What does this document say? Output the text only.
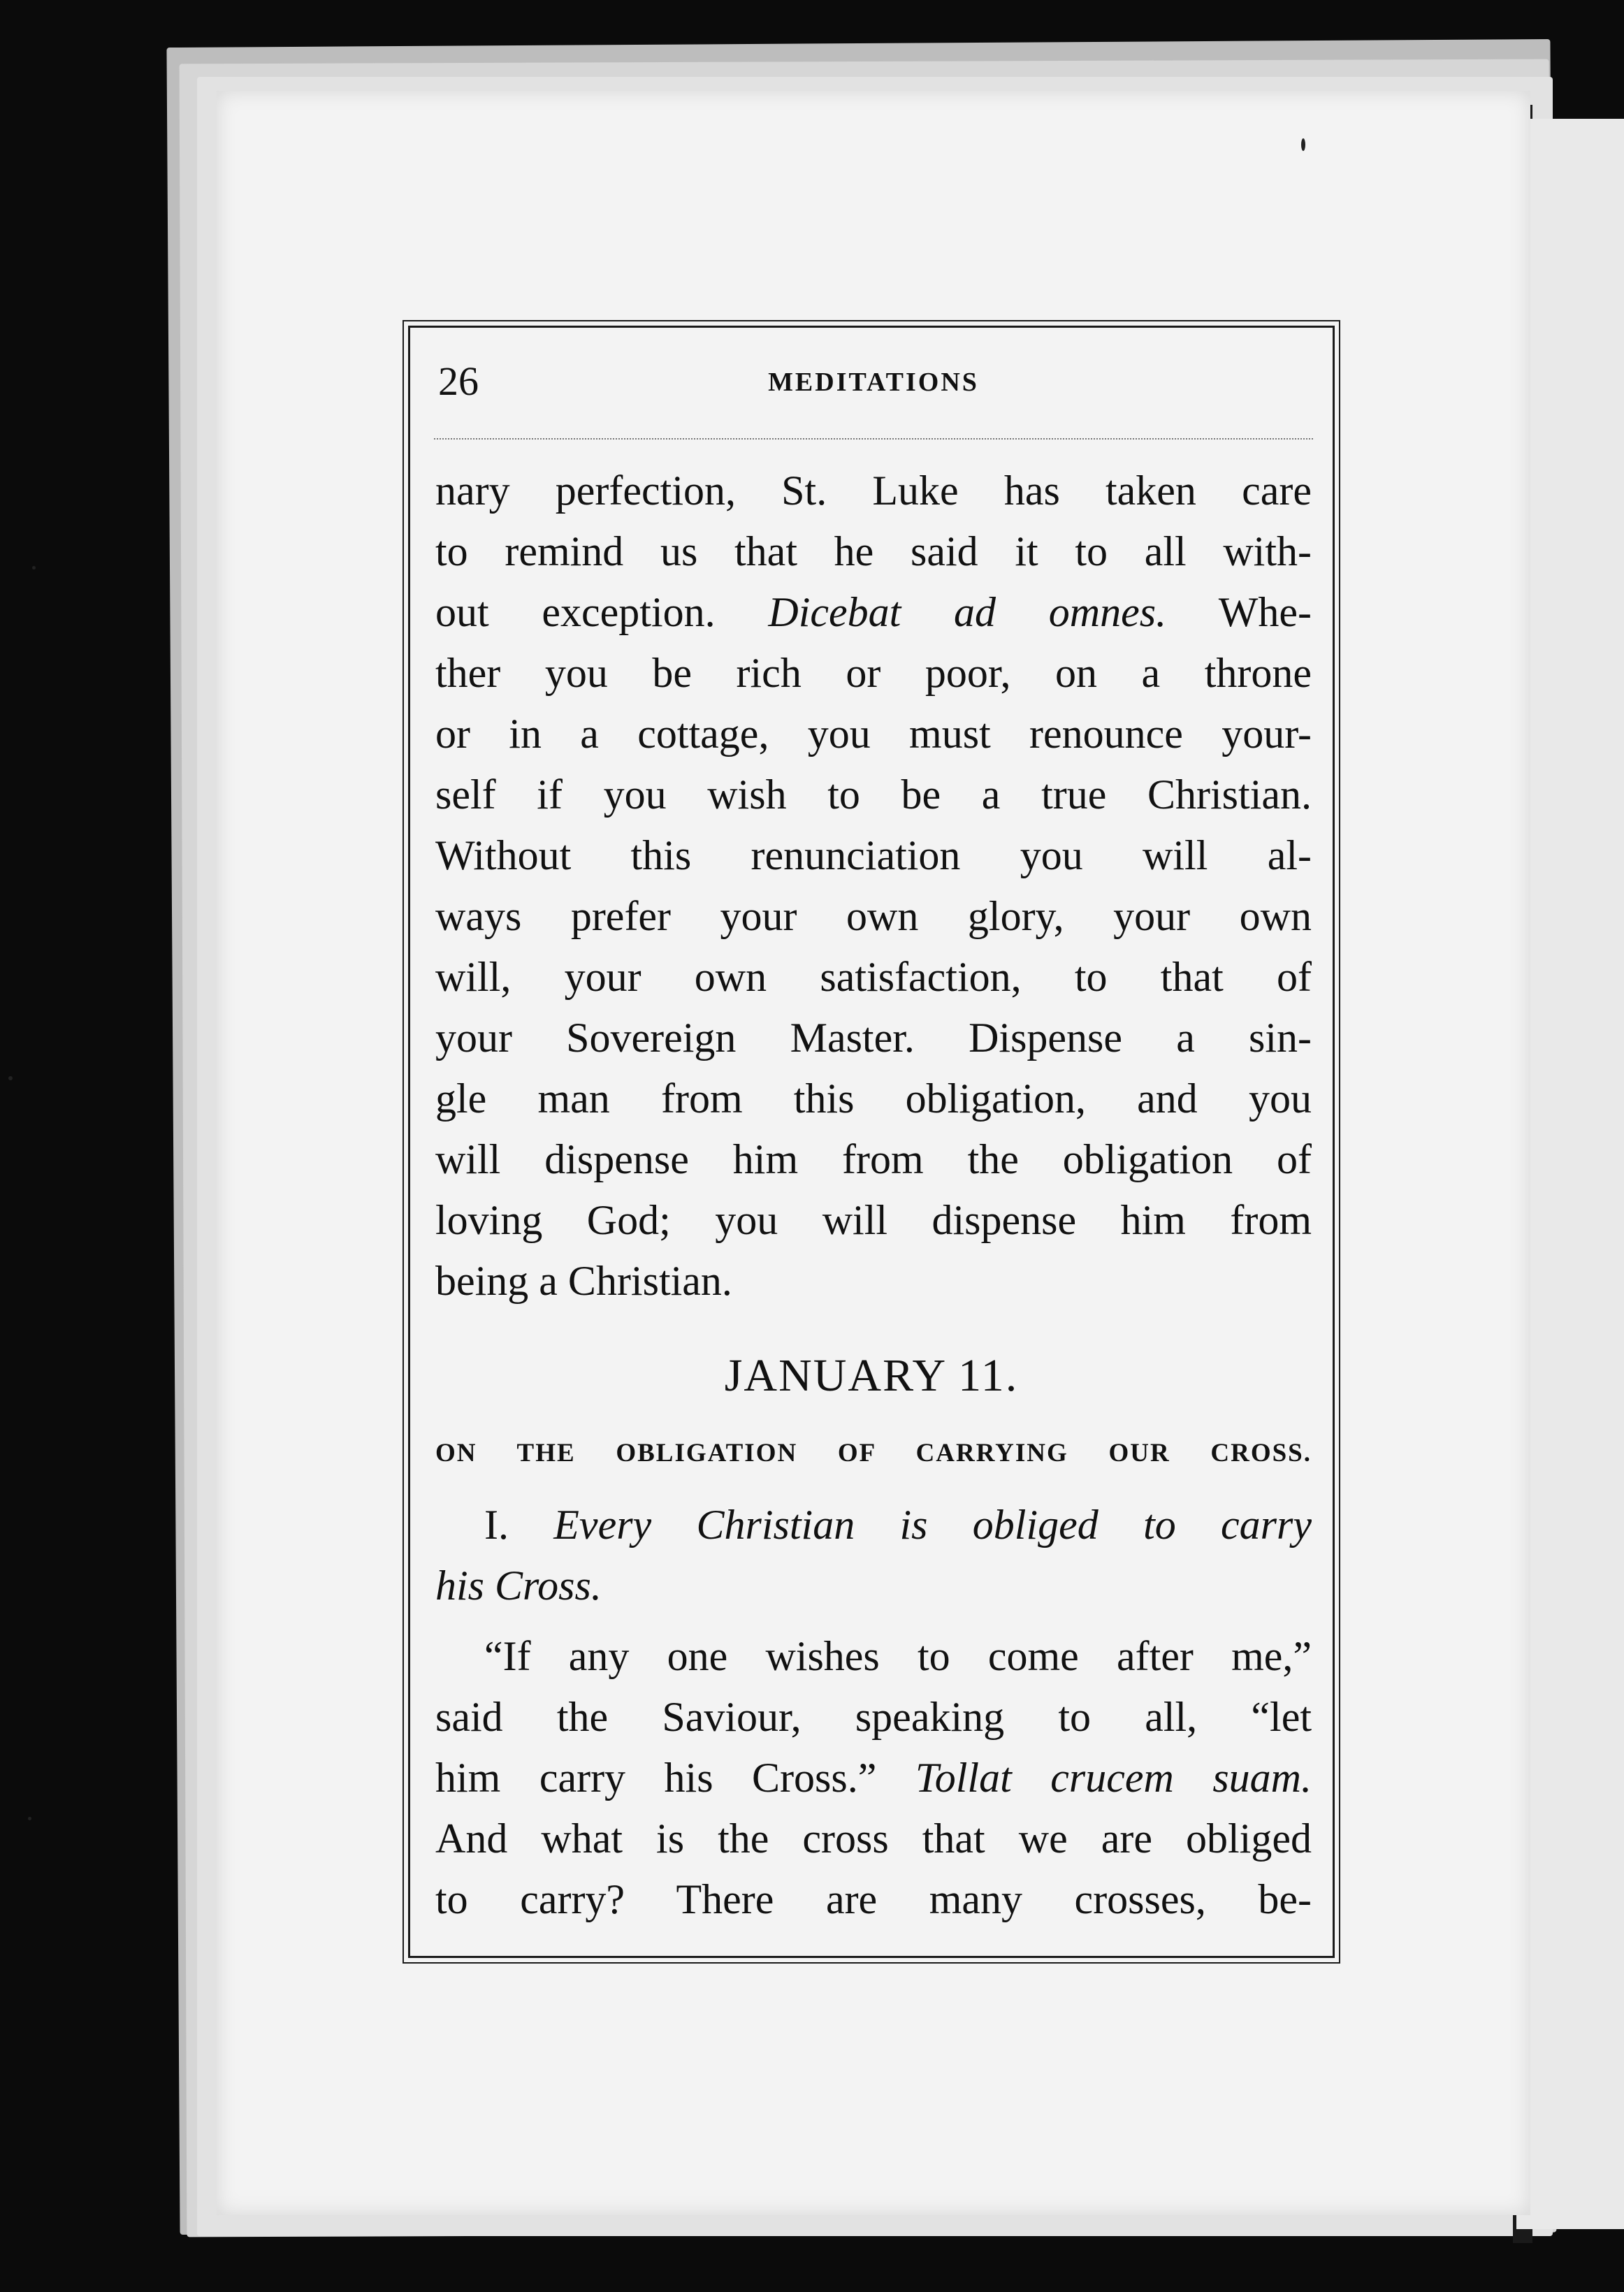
26	MEDITATIONS
nary perfection, St. Luke has taken care
to remind us that he said it to all with-
out exception. Dicebat ad omnes. Whe-
ther you be rich or poor, on a throne
or in a cottage, you must renounce your-
self if you wish to be a true Christian.
Without this renunciation you will al-
ways prefer your own glory, your own
will, your own satisfaction, to that of
your Sovereign Master. Dispense a sin-
gle man from this obligation, and you
will dispense him from the obligation of
loving God; you will dispense him from
being a Christian.
JANUARY 11.
ON THE OBLIGATION OF CARRYING OUR CROSS.
I. Every Christian is obliged to carry
his Cross.
“If any one wishes to come after me,”
said the Saviour, speaking to all, “let
him carry his Cross.” Tollat crucem suam.
And what is the cross that we are obliged
to carry? There are many crosses, be-
